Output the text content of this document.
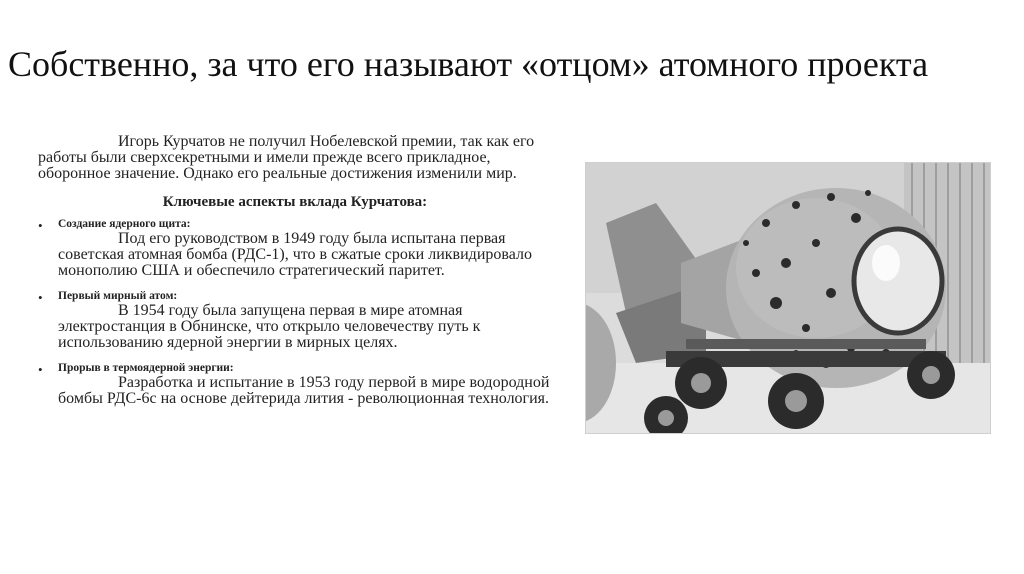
Собственно, за что его называют «отцом» атомного проекта

Игорь Курчатов не получил Нобелевской премии, так как его работы были сверхсекретными и имели прежде всего прикладное, оборонное значение. Однако его реальные достижения изменили мир.

Ключевые аспекты вклада Курчатова:
• Создание ядерного щита:
Под его руководством в 1949 году была испытана первая советская атомная бомба (РДС-1), что в сжатые сроки ликвидировало монополию США и обеспечило стратегический паритет.
• Первый мирный атом:
В 1954 году была запущена первая в мире атомная электростанция в Обнинске, что открыло человечеству путь к использованию ядерной энергии в мирных целях.
• Прорыв в термоядерной энергии:
Разработка и испытание в 1953 году первой в мире водородной бомбы РДС-6с на основе дейтерида лития - революционная технология.
